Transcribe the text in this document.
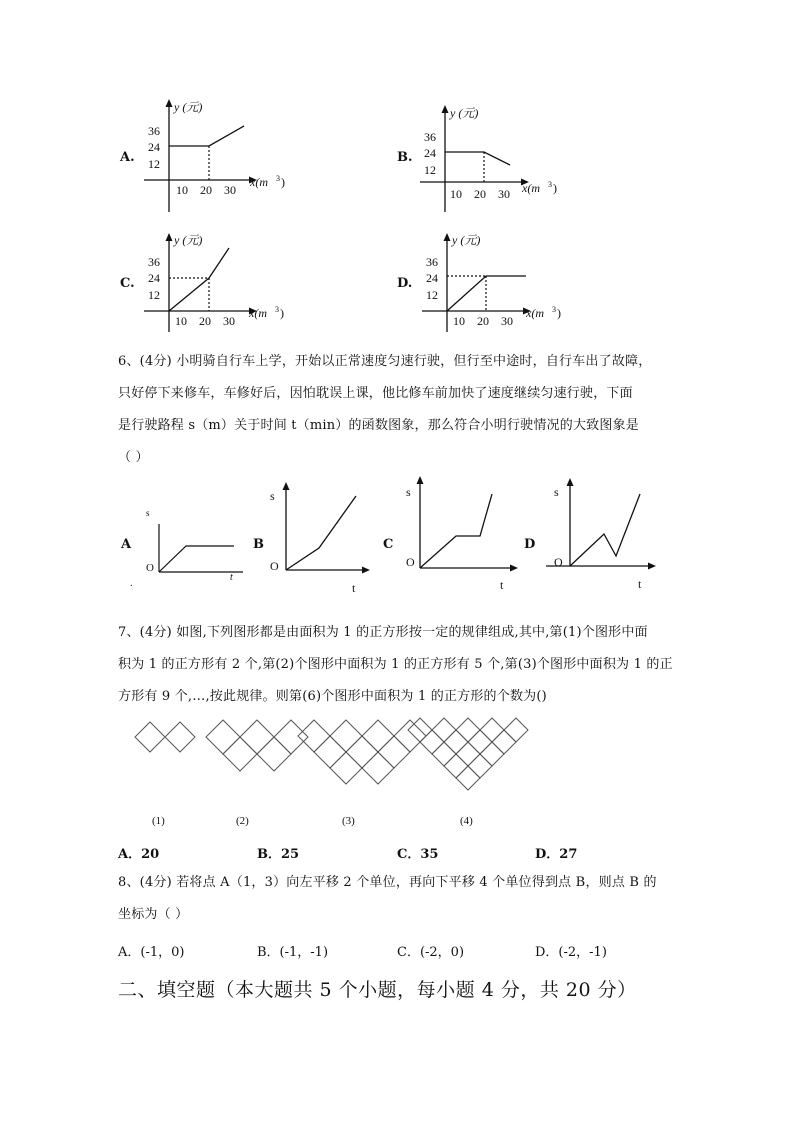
A.
y (元)
36
24
12
10 20 30
x(m 3 )
B.
y (元)
36
24
12
10 20 30 x(m 3 )
C.
y (元)
36
24
12
10 20 30
x(m 3 )
D.
y (元)
36
24
12
10 20 30
x(m 3 )
6、(4分) 小明骑自行车上学，开始以正常速度匀速行驶，但行至中途时，自行车出了故障，
只好停下来修车，车修好后，因怕耽误上课，他比修车前加快了速度继续匀速行驶，下面
是行驶路程 s（m）关于时间 t（min）的函数图象，那么符合小明行驶情况的大致图象是
（ ）
A
s
O
t
.
B
s
O
t
C
s
O
t
D
s
O
t
7、(4分) 如图,下列图形都是由面积为 1 的正方形按一定的规律组成,其中,第(1)个图形中面
积为 1 的正方形有 2 个,第(2)个图形中面积为 1 的正方形有 5 个,第(3)个图形中面积为 1 的正
方形有 9 个,…,按此规律。则第(6)个图形中面积为 1 的正方形的个数为()
(1)	(2)	(3)	(4)
A．20	B．25	C．35	D．27
8、(4分) 若将点 A（1，3）向左平移 2 个单位，再向下平移 4 个单位得到点 B，则点 B 的
坐标为（ ）
A．(-1，0)	B．(-1，-1)	C．(-2，0)	D．(-2，-1)
二、填空题（本大题共 5 个小题，每小题 4 分，共 20 分）
